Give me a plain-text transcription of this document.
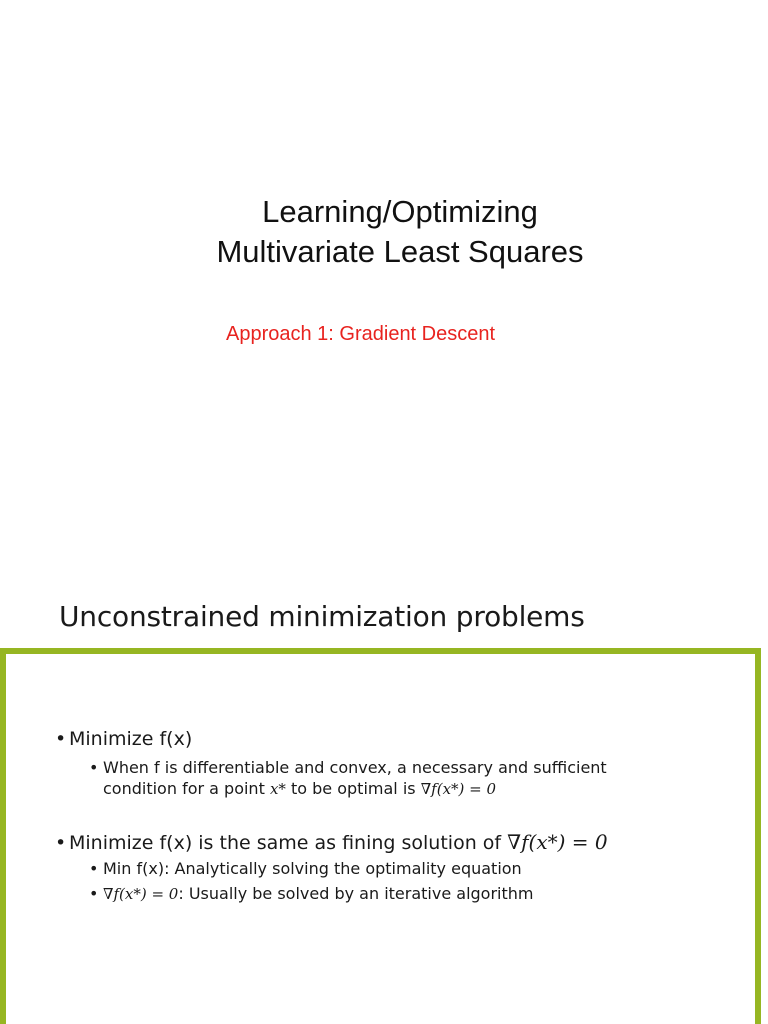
Learning/Optimizing
Multivariate Least Squares
Approach 1: Gradient Descent
Unconstrained minimization problems
• Minimize f(x)
• When f is differentiable and convex, a necessary and sufficient
condition for a point x* to be optimal is ∇f(x*) = 0
• Minimize f(x) is the same as fining solution of ∇f(x*) = 0
• Min f(x): Analytically solving the optimality equation
• ∇f(x*) = 0: Usually be solved by an iterative algorithm
